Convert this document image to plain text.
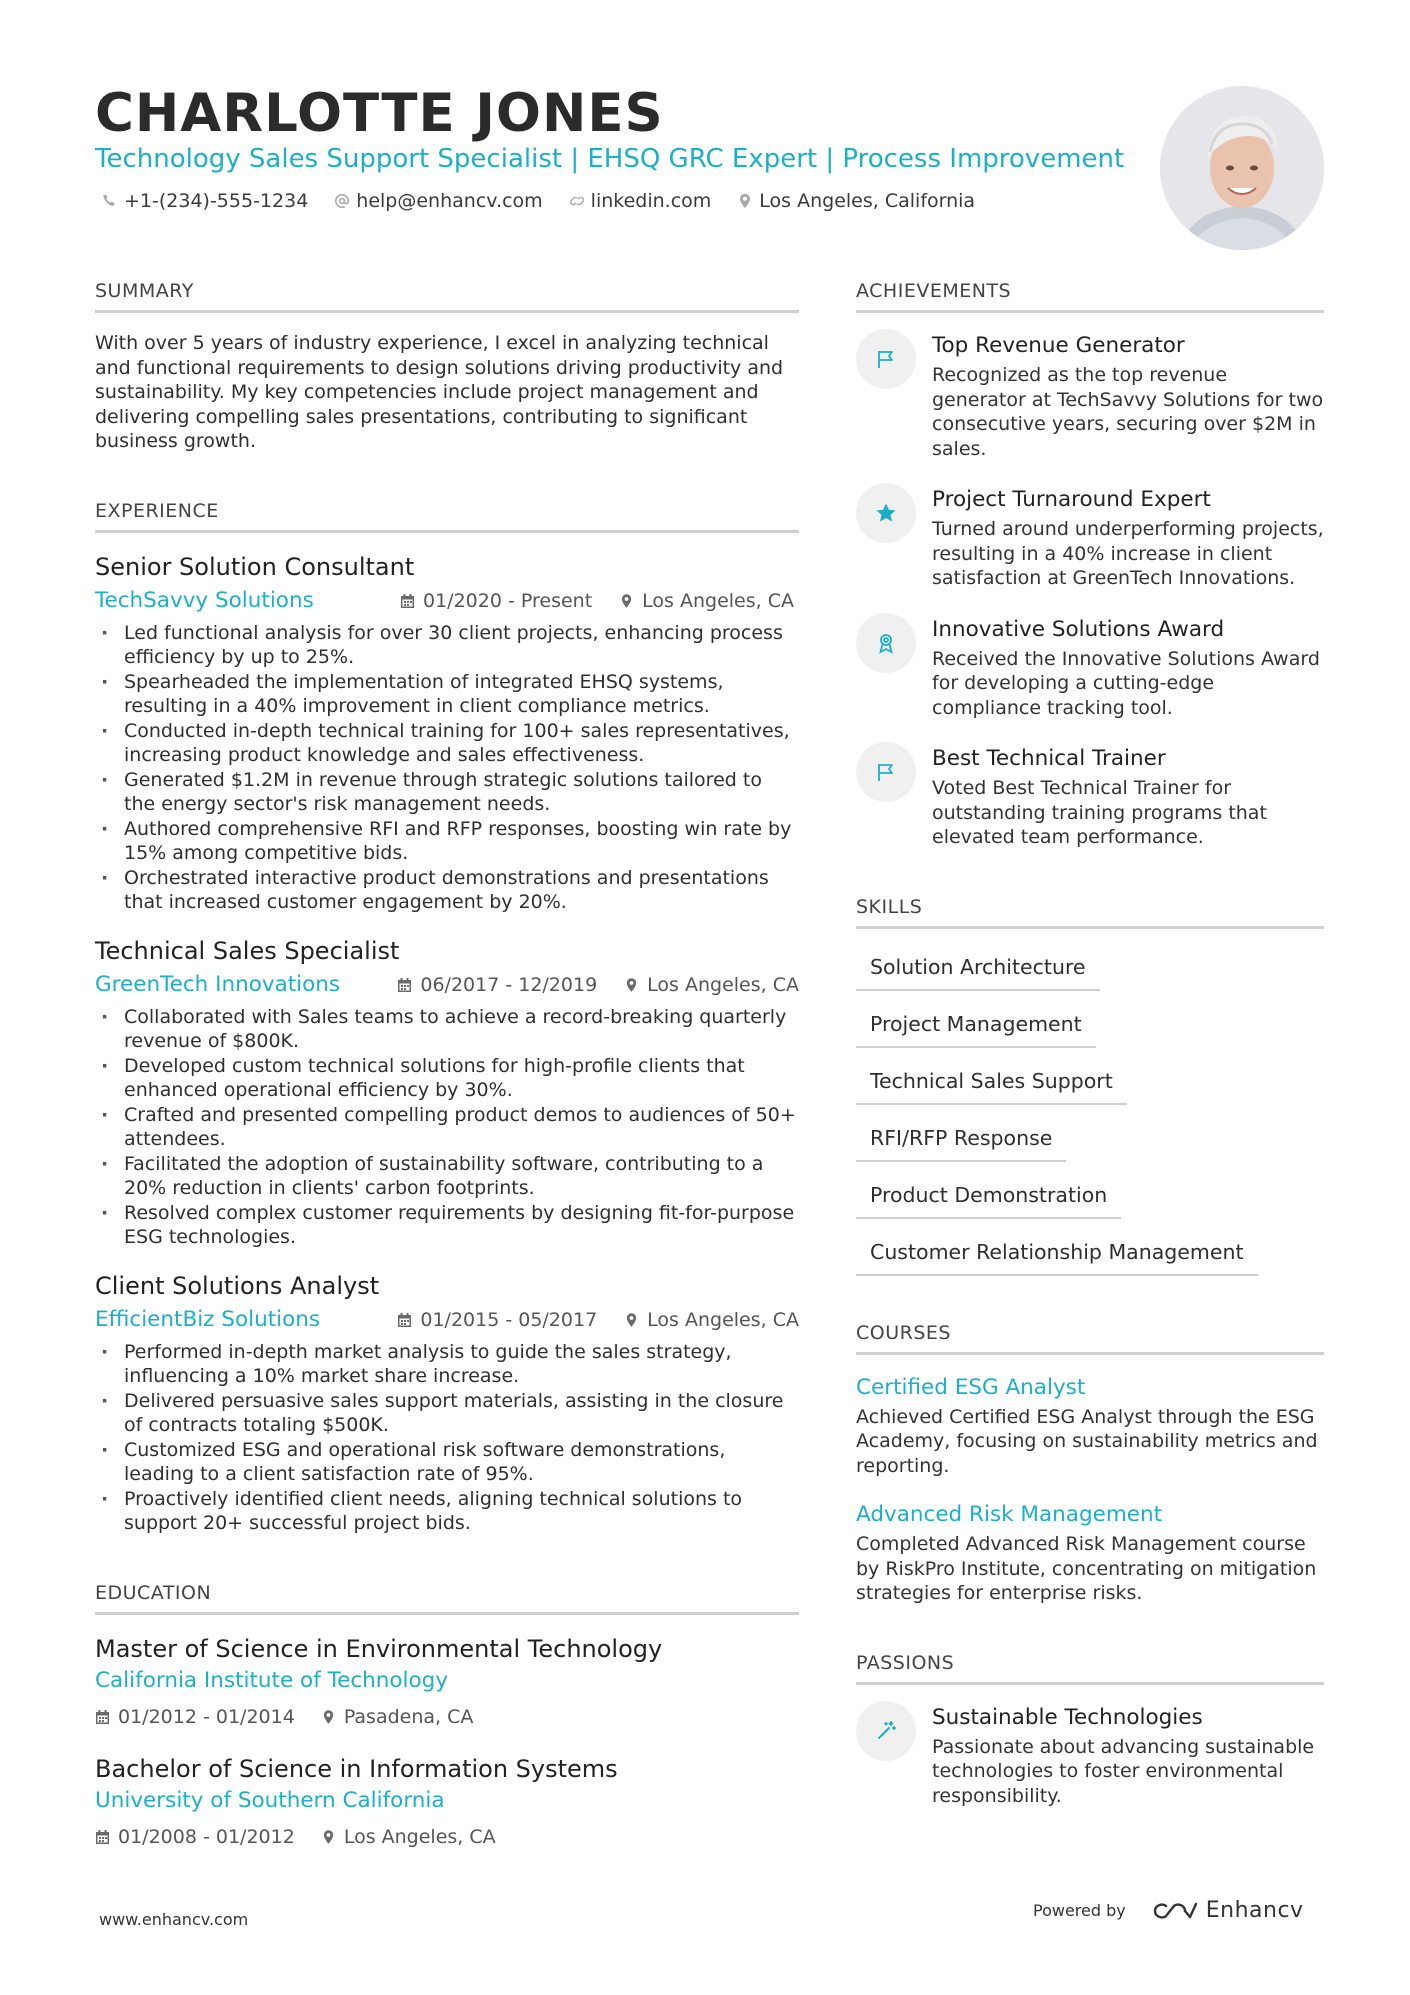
CHARLOTTE JONES
Technology Sales Support Specialist | EHSQ GRC Expert | Process Improvement
+1-(234)-555-1234	help@enhancv.com	linkedin.com	Los Angeles, California
SUMMARY

With over 5 years of industry experience, I excel in analyzing technical and functional requirements to design solutions driving productivity and sustainability. My key competencies include project management and delivering compelling sales presentations, contributing to significant business growth.

EXPERIENCE
Senior Solution Consultant
TechSavvy Solutions	01/2020 - Present	Los Angeles, CA
· Led functional analysis for over 30 client projects, enhancing process efficiency by up to 25%.
· Spearheaded the implementation of integrated EHSQ systems, resulting in a 40% improvement in client compliance metrics.
· Conducted in-depth technical training for 100+ sales representatives, increasing product knowledge and sales effectiveness.
· Generated $1.2M in revenue through strategic solutions tailored to the energy sector's risk management needs.
· Authored comprehensive RFI and RFP responses, boosting win rate by 15% among competitive bids.
· Orchestrated interactive product demonstrations and presentations that increased customer engagement by 20%.
Technical Sales Specialist
GreenTech Innovations	06/2017 - 12/2019	Los Angeles, CA
· Collaborated with Sales teams to achieve a record-breaking quarterly revenue of $800K.
· Developed custom technical solutions for high-profile clients that enhanced operational efficiency by 30%.
· Crafted and presented compelling product demos to audiences of 50+ attendees.
· Facilitated the adoption of sustainability software, contributing to a 20% reduction in clients' carbon footprints.
· Resolved complex customer requirements by designing fit-for-purpose ESG technologies.
Client Solutions Analyst
EfficientBiz Solutions	01/2015 - 05/2017	Los Angeles, CA
· Performed in-depth market analysis to guide the sales strategy, influencing a 10% market share increase.
· Delivered persuasive sales support materials, assisting in the closure of contracts totaling $500K.
· Customized ESG and operational risk software demonstrations, leading to a client satisfaction rate of 95%.
· Proactively identified client needs, aligning technical solutions to support 20+ successful project bids.
EDUCATION
Master of Science in Environmental Technology
California Institute of Technology
01/2012 - 01/2014	Pasadena, CA
Bachelor of Science in Information Systems
University of Southern California
01/2008 - 01/2012	Los Angeles, CA
ACHIEVEMENTS
Top Revenue Generator
Recognized as the top revenue generator at TechSavvy Solutions for two consecutive years, securing over $2M in sales.
Project Turnaround Expert
Turned around underperforming projects, resulting in a 40% increase in client satisfaction at GreenTech Innovations.
Innovative Solutions Award
Received the Innovative Solutions Award for developing a cutting-edge compliance tracking tool.
Best Technical Trainer
Voted Best Technical Trainer for outstanding training programs that elevated team performance.
SKILLS
Solution Architecture
Project Management
Technical Sales Support
RFI/RFP Response
Product Demonstration
Customer Relationship Management
COURSES
Certified ESG Analyst
Achieved Certified ESG Analyst through the ESG Academy, focusing on sustainability metrics and reporting.
Advanced Risk Management
Completed Advanced Risk Management course by RiskPro Institute, concentrating on mitigation strategies for enterprise risks.
PASSIONS
Sustainable Technologies
Passionate about advancing sustainable technologies to foster environmental responsibility.
www.enhancv.com	Powered by	Enhancv
